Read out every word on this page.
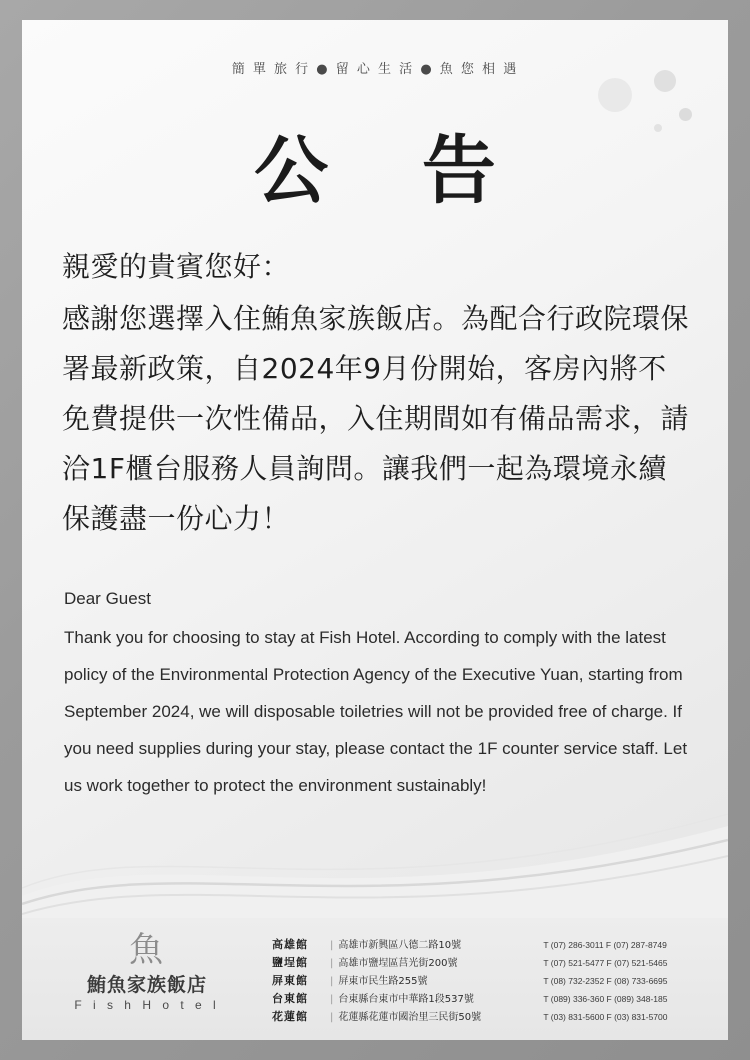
簡 單 旅 行 ● 留 心 生 活 ● 魚 您 相 遇
公 告

親愛的貴賓您好：

感謝您選擇入住鮪魚家族飯店。為配合行政院環保署最新政策，自2024年9月份開始，客房內將不免費提供一次性備品，入住期間如有備品需求，請洽1F櫃台服務人員詢問。讓我們一起為環境永續保護盡一份心力！

Dear Guest

Thank you for choosing to stay at Fish Hotel. According to comply with the latest policy of the Environmental Protection Agency of the Executive Yuan, starting from September 2024, we will disposable toiletries will not be provided free of charge. If you need supplies during your stay, please contact the 1F counter service staff. Let us work together to protect the environment sustainably!

魚
鮪魚家族飯店
F i s h H o t e l
高雄館	| 高雄市新興區八德二路10號	T (07) 286-3011 F (07) 287-8749
鹽埕館	| 高雄市鹽埕區莒光街200號	T (07) 521-5477 F (07) 521-5465
屏東館	| 屏東市民生路255號	T (08) 732-2352 F (08) 733-6695
台東館	| 台東縣台東市中華路1段537號	T (089) 336-360 F (089) 348-185
花蓮館	| 花蓮縣花蓮市國治里三民街50號	T (03) 831-5600 F (03) 831-5700
